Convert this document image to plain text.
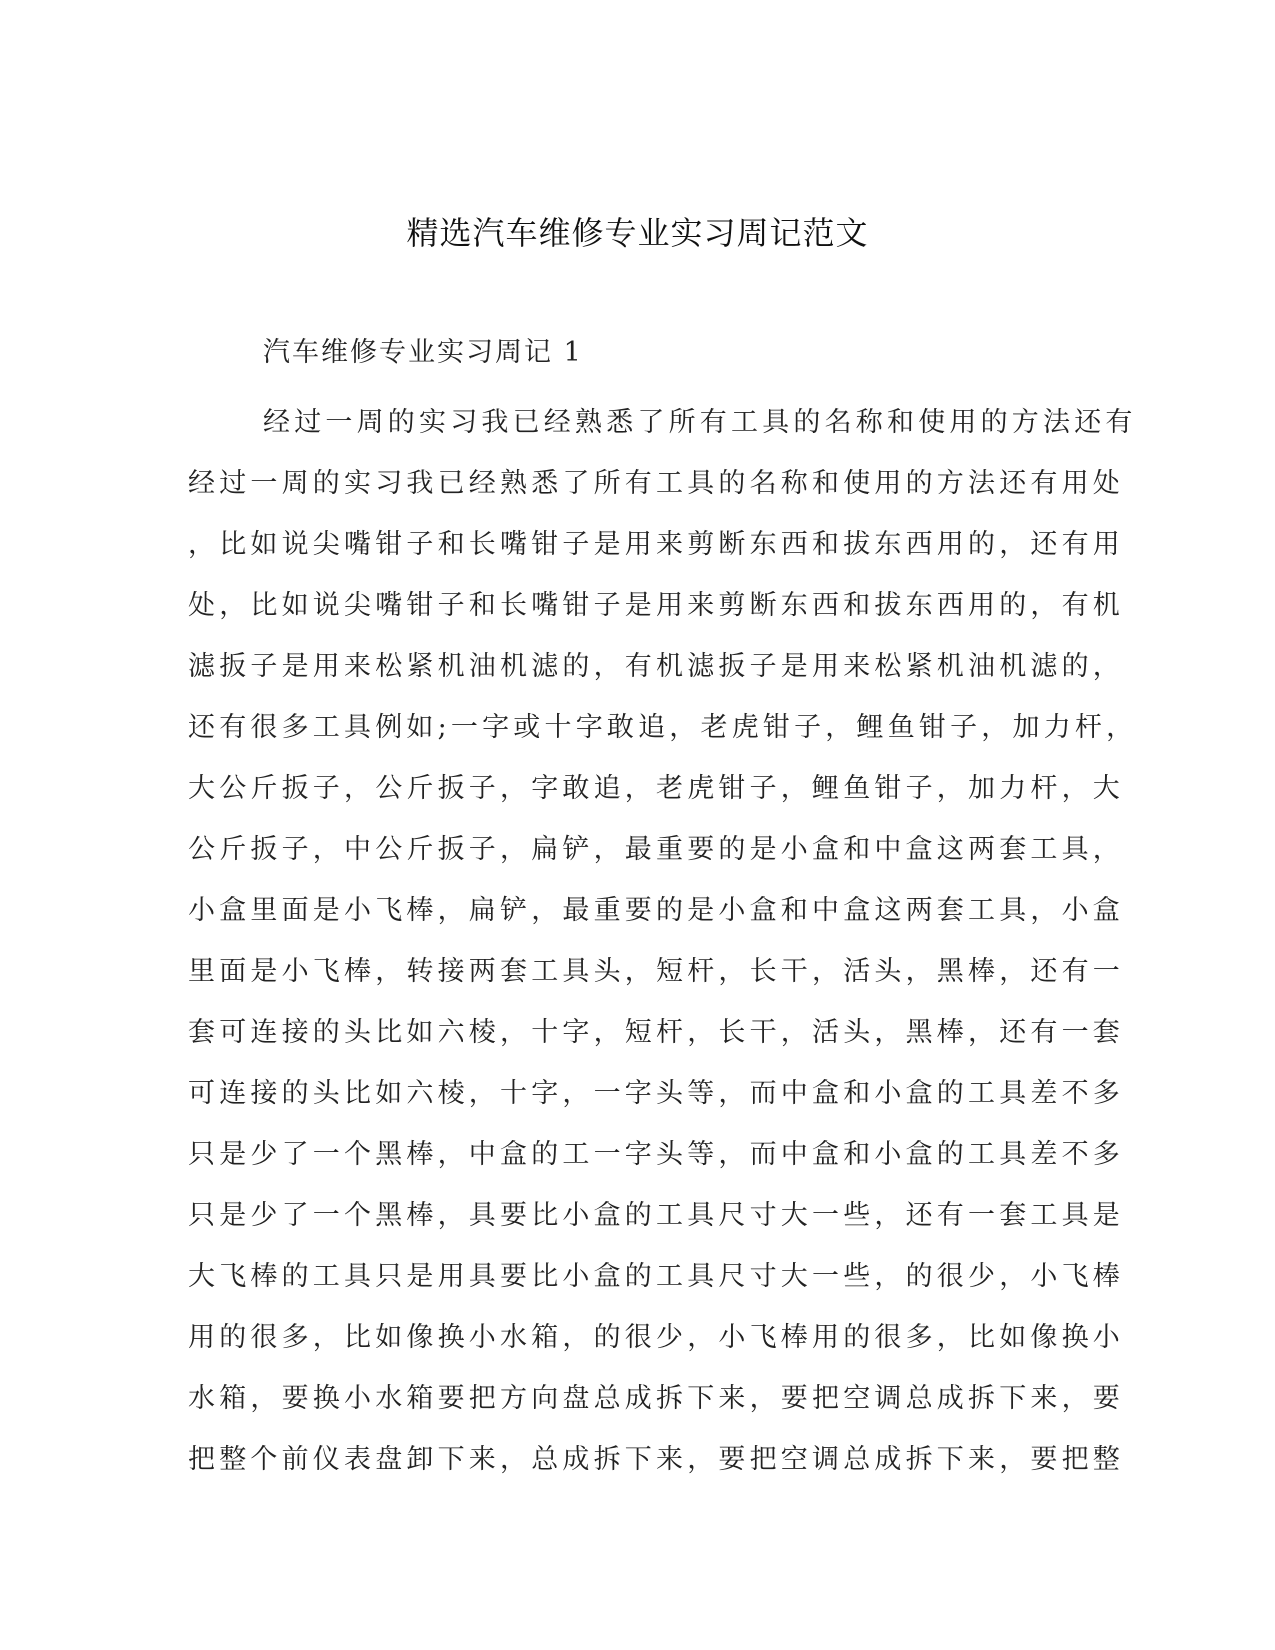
精选汽车维修专业实习周记范文
汽车维修专业实习周记 1
经过一周的实习我已经熟悉了所有工具的名称和使用的方法还有
经过一周的实习我已经熟悉了所有工具的名称和使用的方法还有用处
，比如说尖嘴钳子和长嘴钳子是用来剪断东西和拔东西用的，还有用
处，比如说尖嘴钳子和长嘴钳子是用来剪断东西和拔东西用的，有机
滤扳子是用来松紧机油机滤的，有机滤扳子是用来松紧机油机滤的，
还有很多工具例如;一字或十字敢追，老虎钳子，鲤鱼钳子，加力杆，
大公斤扳子，公斤扳子，字敢追，老虎钳子，鲤鱼钳子，加力杆，大
公斤扳子，中公斤扳子，扁铲，最重要的是小盒和中盒这两套工具，
小盒里面是小飞棒，扁铲，最重要的是小盒和中盒这两套工具，小盒
里面是小飞棒，转接两套工具头，短杆，长干，活头，黑棒，还有一
套可连接的头比如六棱，十字，短杆，长干，活头，黑棒，还有一套
可连接的头比如六棱，十字，一字头等，而中盒和小盒的工具差不多
只是少了一个黑棒，中盒的工一字头等，而中盒和小盒的工具差不多
只是少了一个黑棒，具要比小盒的工具尺寸大一些，还有一套工具是
大飞棒的工具只是用具要比小盒的工具尺寸大一些，的很少，小飞棒
用的很多，比如像换小水箱，的很少，小飞棒用的很多，比如像换小
水箱，要换小水箱要把方向盘总成拆下来，要把空调总成拆下来，要
把整个前仪表盘卸下来，总成拆下来，要把空调总成拆下来，要把整
